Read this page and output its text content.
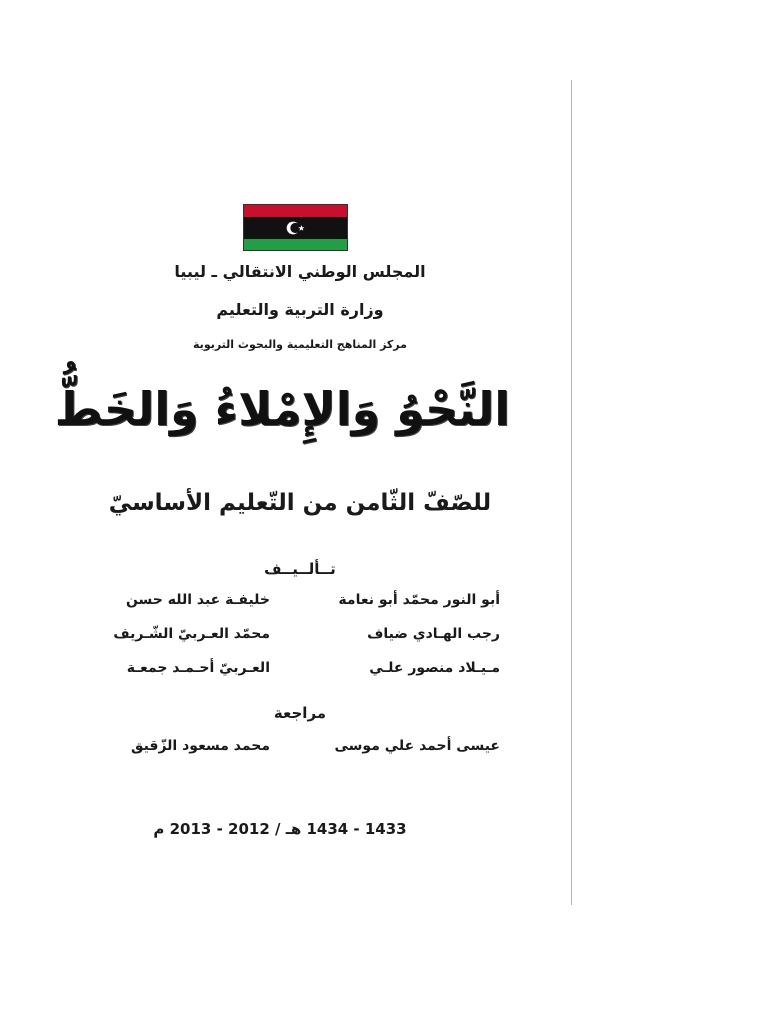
المجلس الوطني الانتقالي ـ ليبيا
وزارة التربية والتعليم
مركز المناهج التعليمية والبحوث التربوية
النَّحْوُ وَالإِمْلاءُ وَالخَطُّ
للصّفّ الثّامن من التّعليم الأساسيّ
تــألــيــف
أبو النور محمّد أبو نعامة
خليفـة عبد الله حسن
رجب الهـادي ضياف
محمّد العـربيّ الشّـريف
مـيـلاد منصور علـي
العـربيّ أحـمـد جمعـة
مراجعة
عيسى أحمد علي موسى
محمد مسعود الزّقيق
1433 - 1434 هـ / 2012 - 2013 م
